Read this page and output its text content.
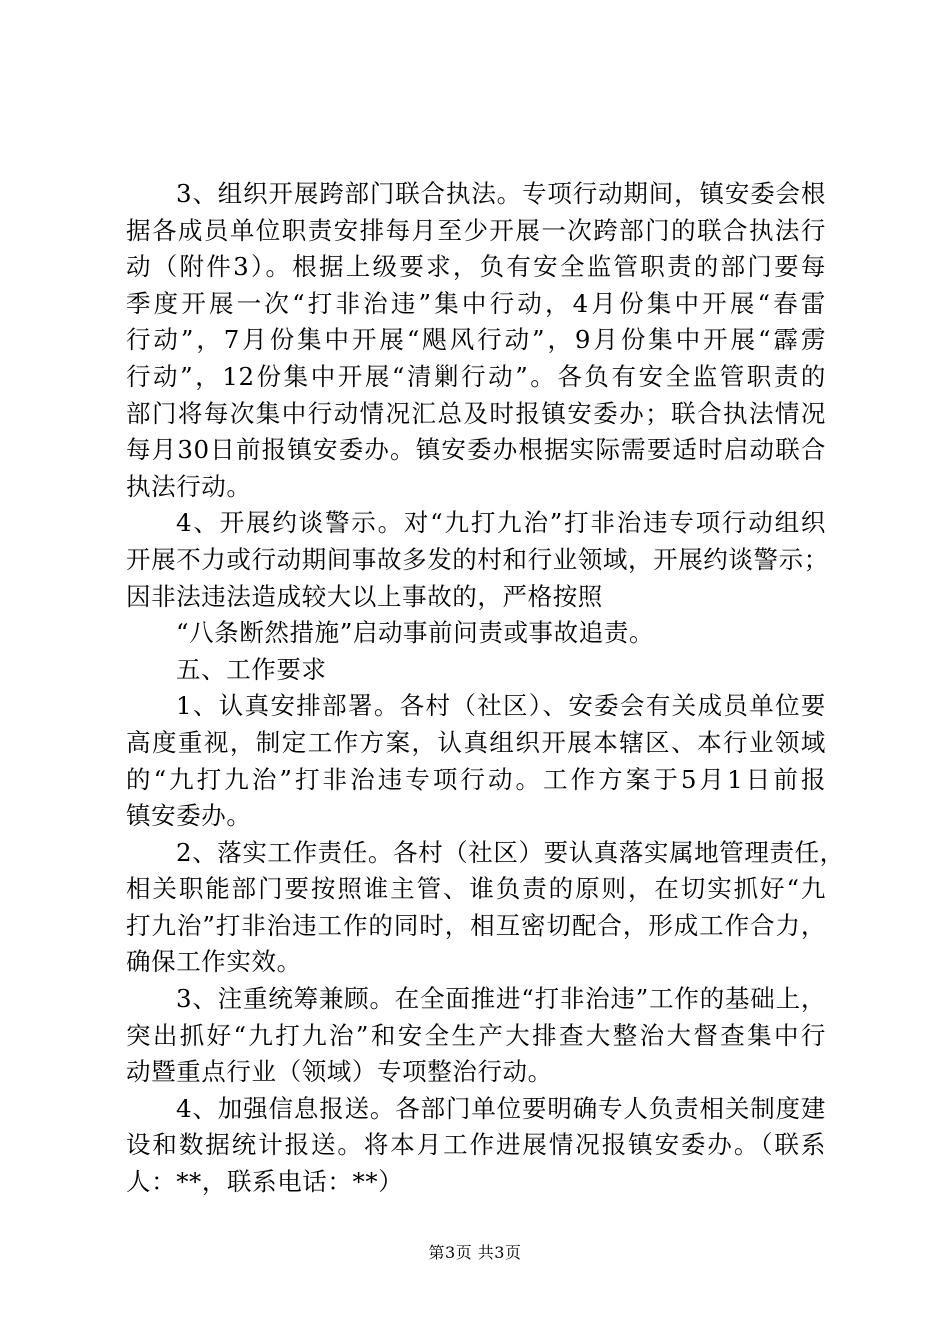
3、组织开展跨部门联合执法。专项行动期间，镇安委会根
据各成员单位职责安排每月至少开展一次跨部门的联合执法行
动（附件3）。根据上级要求，负有安全监管职责的部门要每
季度开展一次“打非治违”集中行动，4月份集中开展“春雷
行动”，7月份集中开展“飓风行动”，9月份集中开展“霹雳
行动”，12份集中开展“清剿行动”。各负有安全监管职责的
部门将每次集中行动情况汇总及时报镇安委办；联合执法情况
每月30日前报镇安委办。镇安委办根据实际需要适时启动联合
执法行动。
4、开展约谈警示。对“九打九治”打非治违专项行动组织
开展不力或行动期间事故多发的村和行业领域，开展约谈警示；
因非法违法造成较大以上事故的，严格按照
“八条断然措施”启动事前问责或事故追责。
五、工作要求
1、认真安排部署。各村（社区）、安委会有关成员单位要
高度重视，制定工作方案，认真组织开展本辖区、本行业领域
的“九打九治”打非治违专项行动。工作方案于5月1日前报
镇安委办。
2、落实工作责任。各村（社区）要认真落实属地管理责任，
相关职能部门要按照谁主管、谁负责的原则，在切实抓好“九
打九治”打非治违工作的同时，相互密切配合，形成工作合力，
确保工作实效。
3、注重统筹兼顾。在全面推进“打非治违”工作的基础上，
突出抓好“九打九治”和安全生产大排查大整治大督查集中行
动暨重点行业（领域）专项整治行动。
4、加强信息报送。各部门单位要明确专人负责相关制度建
设和数据统计报送。将本月工作进展情况报镇安委办。（联系
人：**，联系电话：**）
第3页 共3页
